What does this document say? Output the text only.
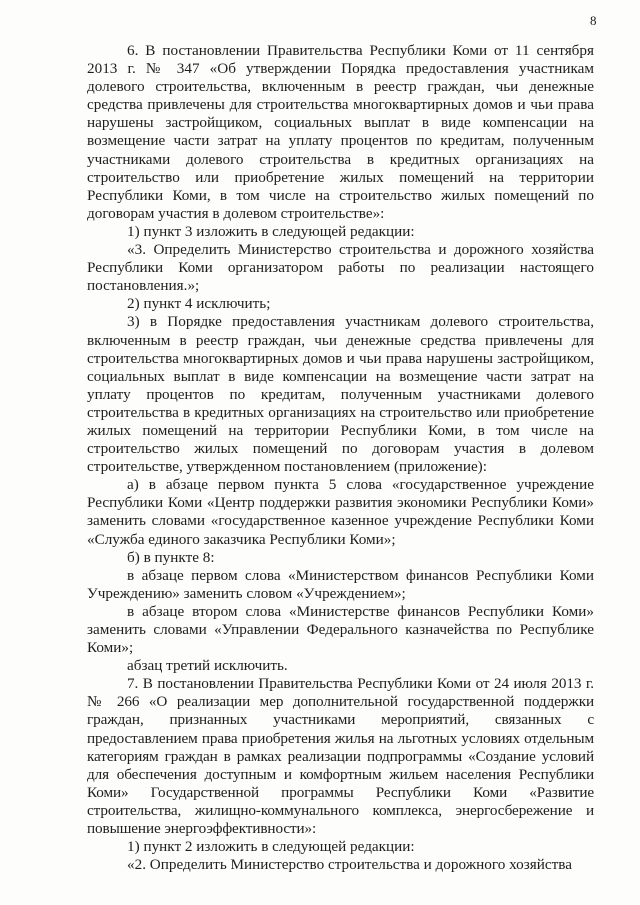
8

6. В постановлении Правительства Республики Коми от 11 сентября 2013 г. № 347 «Об утверждении Порядка предоставления участникам долевого строительства, включенным в реестр граждан, чьи денежные средства привлечены для строительства многоквартирных домов и чьи права нарушены застройщиком, социальных выплат в виде компенсации на возмещение части затрат на уплату процентов по кредитам, полученным участниками долевого строительства в кредитных организациях на строительство или приобретение жилых помещений на территории Республики Коми, в том числе на строительство жилых помещений по договорам участия в долевом строительстве»:

1) пункт 3 изложить в следующей редакции:

«3. Определить Министерство строительства и дорожного хозяйства Республики Коми организатором работы по реализации настоящего постановления.»;

2) пункт 4 исключить;

3) в Порядке предоставления участникам долевого строительства, включенным в реестр граждан, чьи денежные средства привлечены для строительства многоквартирных домов и чьи права нарушены застройщиком, социальных выплат в виде компенсации на возмещение части затрат на уплату процентов по кредитам, полученным участниками долевого строительства в кредитных организациях на строительство или приобретение жилых помещений на территории Республики Коми, в том числе на строительство жилых помещений по договорам участия в долевом строительстве, утвержденном постановлением (приложение):

а) в абзаце первом пункта 5 слова «государственное учреждение Республики Коми «Центр поддержки развития экономики Республики Коми» заменить словами «государственное казенное учреждение Республики Коми «Служба единого заказчика Республики Коми»;

б) в пункте 8:

в абзаце первом слова «Министерством финансов Республики Коми Учреждению» заменить словом «Учреждением»;

в абзаце втором слова «Министерстве финансов Республики Коми» заменить словами «Управлении Федерального казначейства по Республике Коми»;

абзац третий исключить.

7. В постановлении Правительства Республики Коми от 24 июля 2013 г. № 266 «О реализации мер дополнительной государственной поддержки граждан, признанных участниками мероприятий, связанных с предоставлением права приобретения жилья на льготных условиях отдельным категориям граждан в рамках реализации подпрограммы «Создание условий для обеспечения доступным и комфортным жильем населения Республики Коми» Государственной программы Республики Коми «Развитие строительства, жилищно-коммунального комплекса, энергосбережение и повышение энергоэффективности»:

1) пункт 2 изложить в следующей редакции:

«2. Определить Министерство строительства и дорожного хозяйства
